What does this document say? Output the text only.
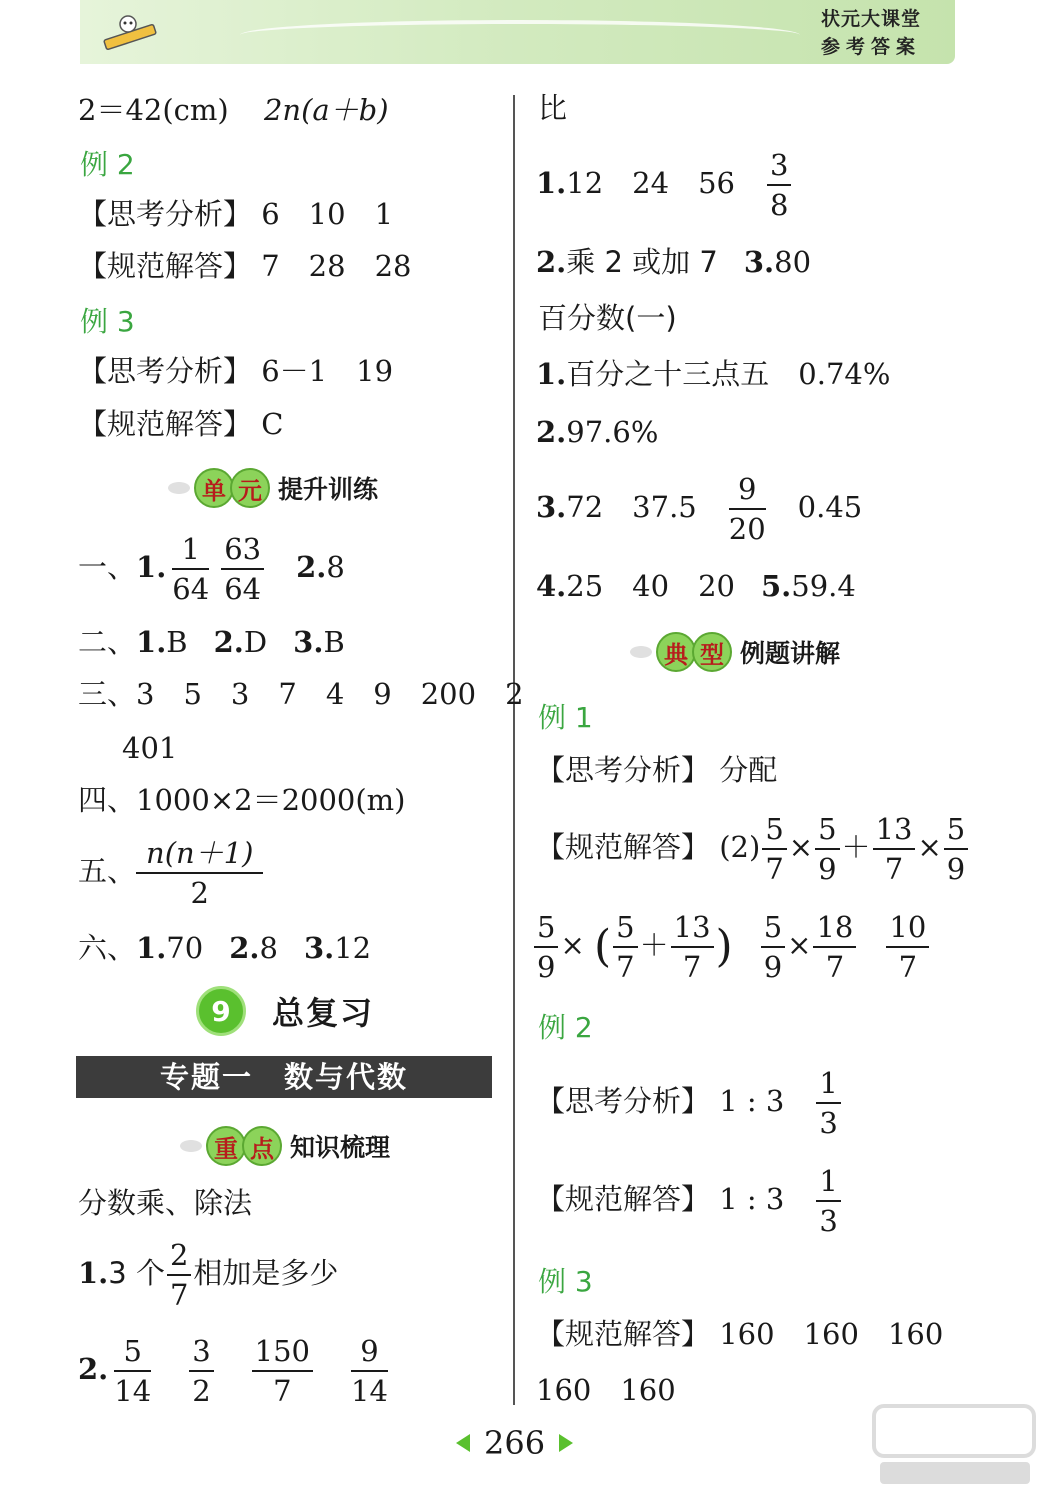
状元大课堂
参考答案
2＝42(cm) 2n(a＋b)
例 2
【思考分析】 6　10　1
【规范解答】 7　28　28
例 3
【思考分析】 6－1　19
【规范解答】 C
单 元 提升训练
一、1. $\frac{1}{64} \frac{63}{64} 2.8$
二、1.B 2.D 3.B
三、3　5　3　7　4　9　200　2
401
四、1000×2＝2000(m)
五、 $\frac{n(n+1)}{2}$
六、1.70 2.8 3.12
9	总复习
专题一　数与代数
重 点 知识梳理
分数乘、除法
1.3 个 $\frac{2}{7}$ 相加是多少
2. $\frac{5}{14} \frac{3}{2} \frac{150}{7} \frac{9}{14}$
比
1.12　24　$56 \frac{3}{8}$
2.乘 2 或加 7 3.80
百分数(一)
1.百分之十三点五　0.74%
2.97.6%
3.72　$37.5 \frac{9}{20} 0.45$
4.25　40　20 5.59.4
典 型 例题讲解
例 1
【思考分析】 分配
【规范解答】 $(2) \frac{5}{7} \times \frac{5}{9} + \frac{13}{7} \times \frac{5}{9}$
$\frac{5}{9}$ × ( $\frac{5}{7} + \frac{13}{7}$ ) $\frac{5}{9} \times \frac{18}{7} \frac{10}{7}$
例 2
【思考分析】 1 : $3 \frac{1}{3}$
【规范解答】 1 : $3 \frac{1}{3}$
例 3
【规范解答】 160　160　160
160　160
266
